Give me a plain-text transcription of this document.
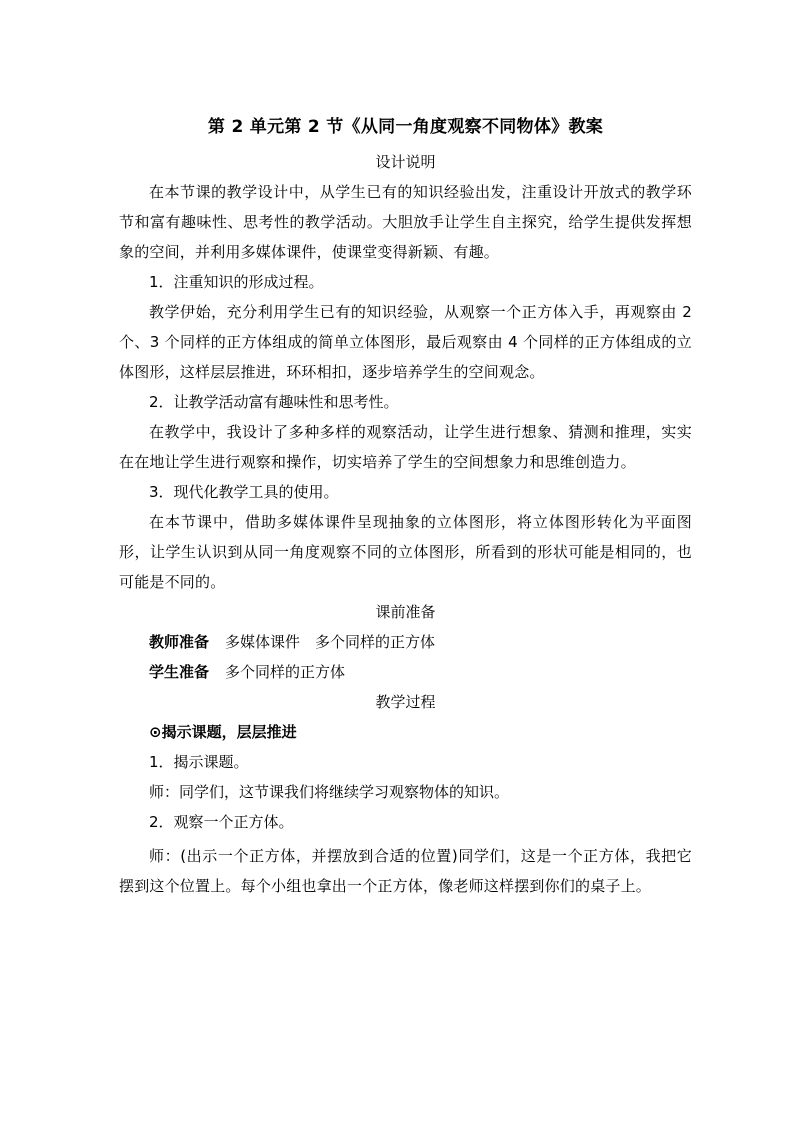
第 2 单元第 2 节《从同一角度观察不同物体》教案

设计说明

在本节课的教学设计中，从学生已有的知识经验出发，注重设计开放式的教学环节和富有趣味性、思考性的教学活动。大胆放手让学生自主探究，给学生提供发挥想象的空间，并利用多媒体课件，使课堂变得新颖、有趣。

1．注重知识的形成过程。

教学伊始，充分利用学生已有的知识经验，从观察一个正方体入手，再观察由 2 个、3 个同样的正方体组成的简单立体图形，最后观察由 4 个同样的正方体组成的立体图形，这样层层推进，环环相扣，逐步培养学生的空间观念。

2．让教学活动富有趣味性和思考性。

在教学中，我设计了多种多样的观察活动，让学生进行想象、猜测和推理，实实在在地让学生进行观察和操作，切实培养了学生的空间想象力和思维创造力。

3．现代化教学工具的使用。

在本节课中，借助多媒体课件呈现抽象的立体图形，将立体图形转化为平面图形，让学生认识到从同一角度观察不同的立体图形，所看到的形状可能是相同的，也可能是不同的。

课前准备

教师准备 多媒体课件　多个同样的正方体

学生准备 多个同样的正方体

教学过程

⊙揭示课题，层层推进

1．揭示课题。

师：同学们，这节课我们将继续学习观察物体的知识。

2．观察一个正方体。

师：(出示一个正方体，并摆放到合适的位置)同学们，这是一个正方体，我把它摆到这个位置上。每个小组也拿出一个正方体，像老师这样摆到你们的桌子上。
